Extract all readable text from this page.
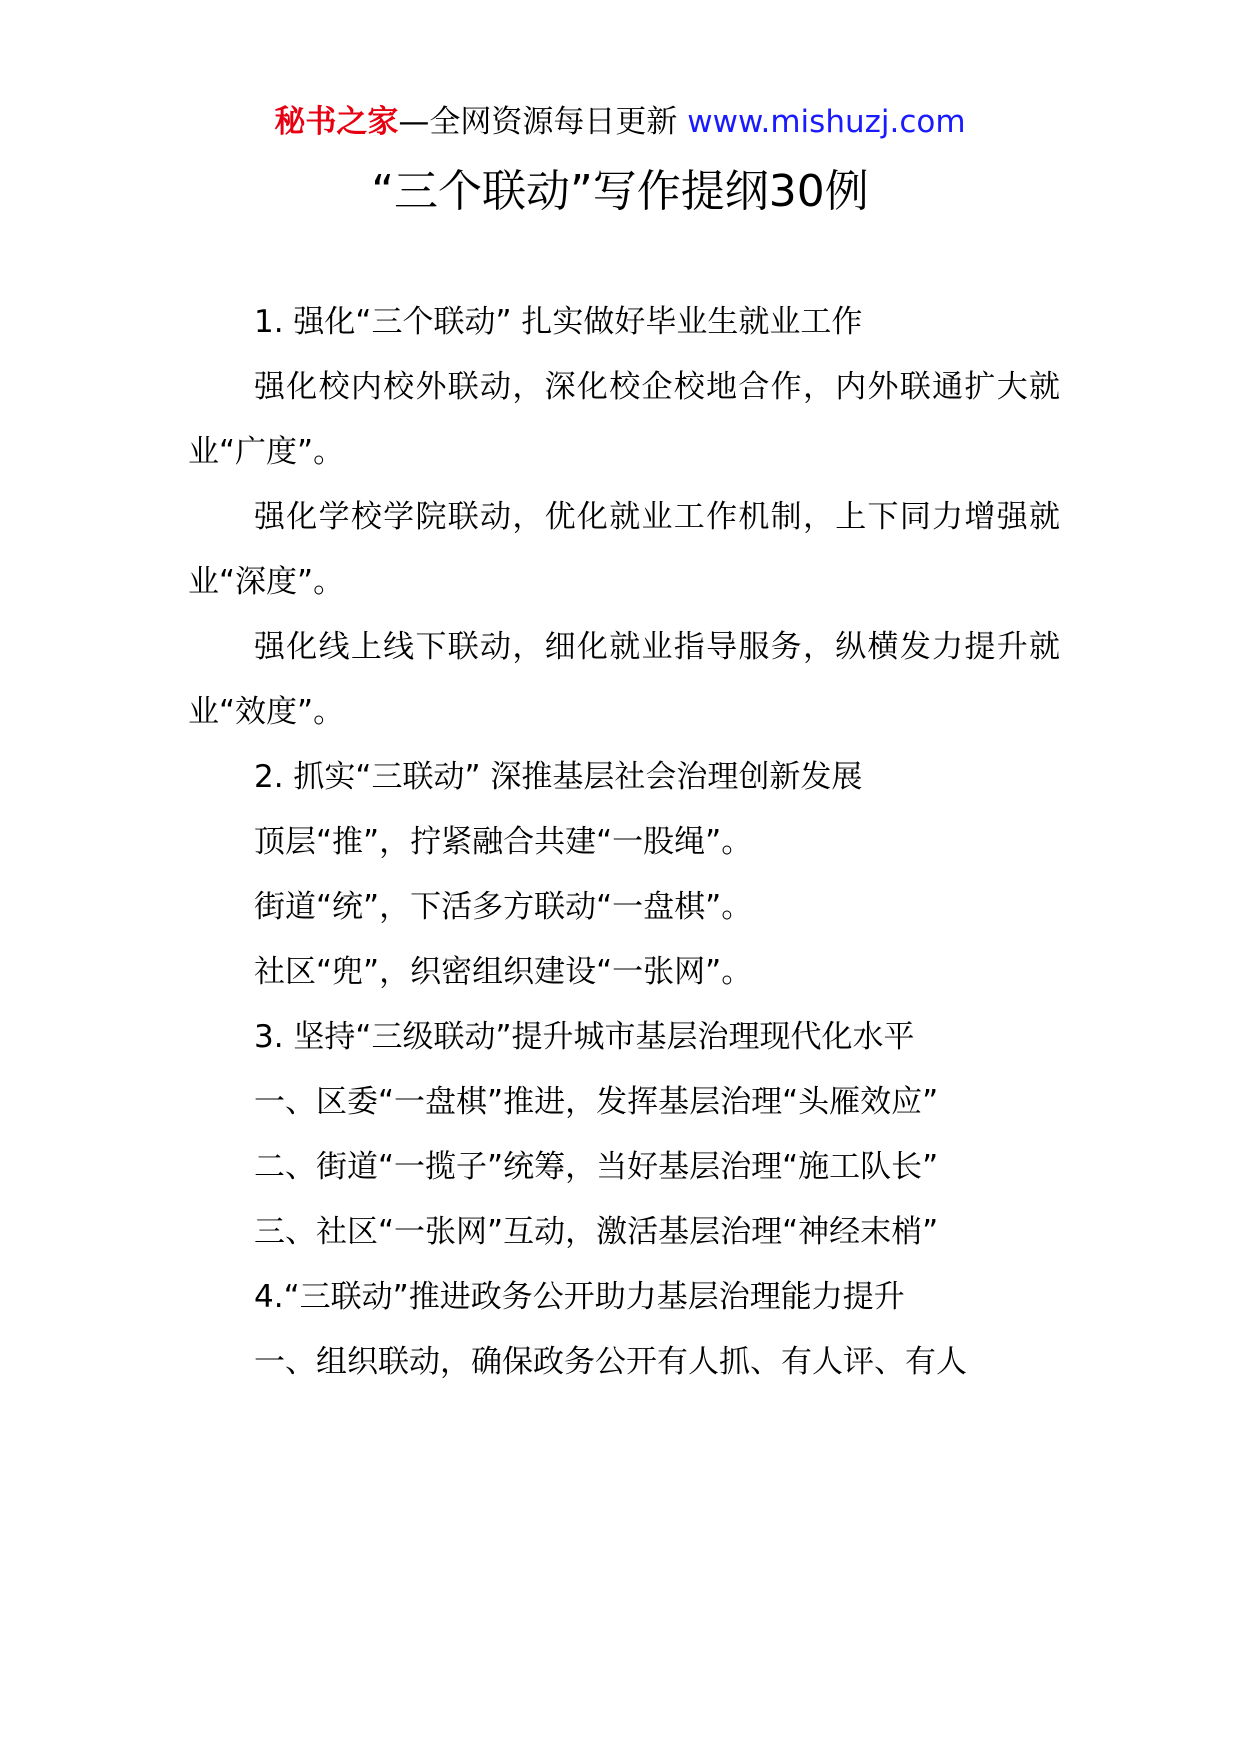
秘书之家—全网资源每日更新 www.mishuzj.com
“三个联动”写作提纲30例

1. 强化“三个联动” 扎实做好毕业生就业工作

强化校内校外联动，深化校企校地合作，内外联通扩大就业“广度”。

强化学校学院联动，优化就业工作机制，上下同力增强就业“深度”。

强化线上线下联动，细化就业指导服务，纵横发力提升就业“效度”。

2. 抓实“三联动” 深推基层社会治理创新发展

顶层“推”，拧紧融合共建“一股绳”。

街道“统”，下活多方联动“一盘棋”。

社区“兜”，织密组织建设“一张网”。

3. 坚持“三级联动”提升城市基层治理现代化水平

一、区委“一盘棋”推进，发挥基层治理“头雁效应”

二、街道“一揽子”统筹，当好基层治理“施工队长”

三、社区“一张网”互动，激活基层治理“神经末梢”

4.“三联动”推进政务公开助力基层治理能力提升

一、组织联动，确保政务公开有人抓、有人评、有人
